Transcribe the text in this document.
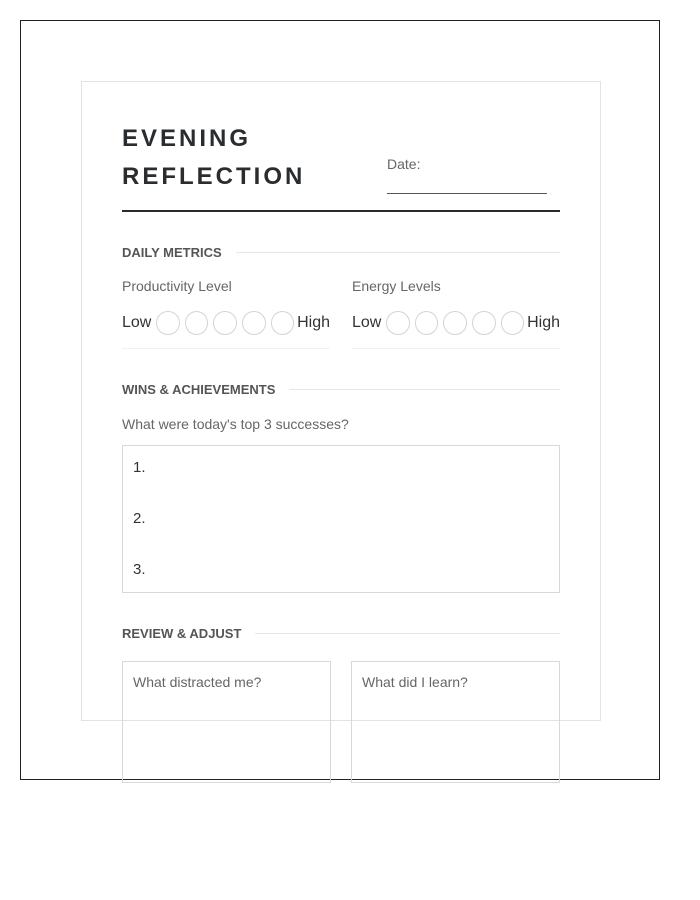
EVENING REFLECTION	Date:
DAILY METRICS
Productivity Level
Low	High
Energy Levels
Low	High
WINS & ACHIEVEMENTS
What were today's top 3 successes?
1.
2.
3.
REVIEW & ADJUST
What distracted me?	What did I learn?
